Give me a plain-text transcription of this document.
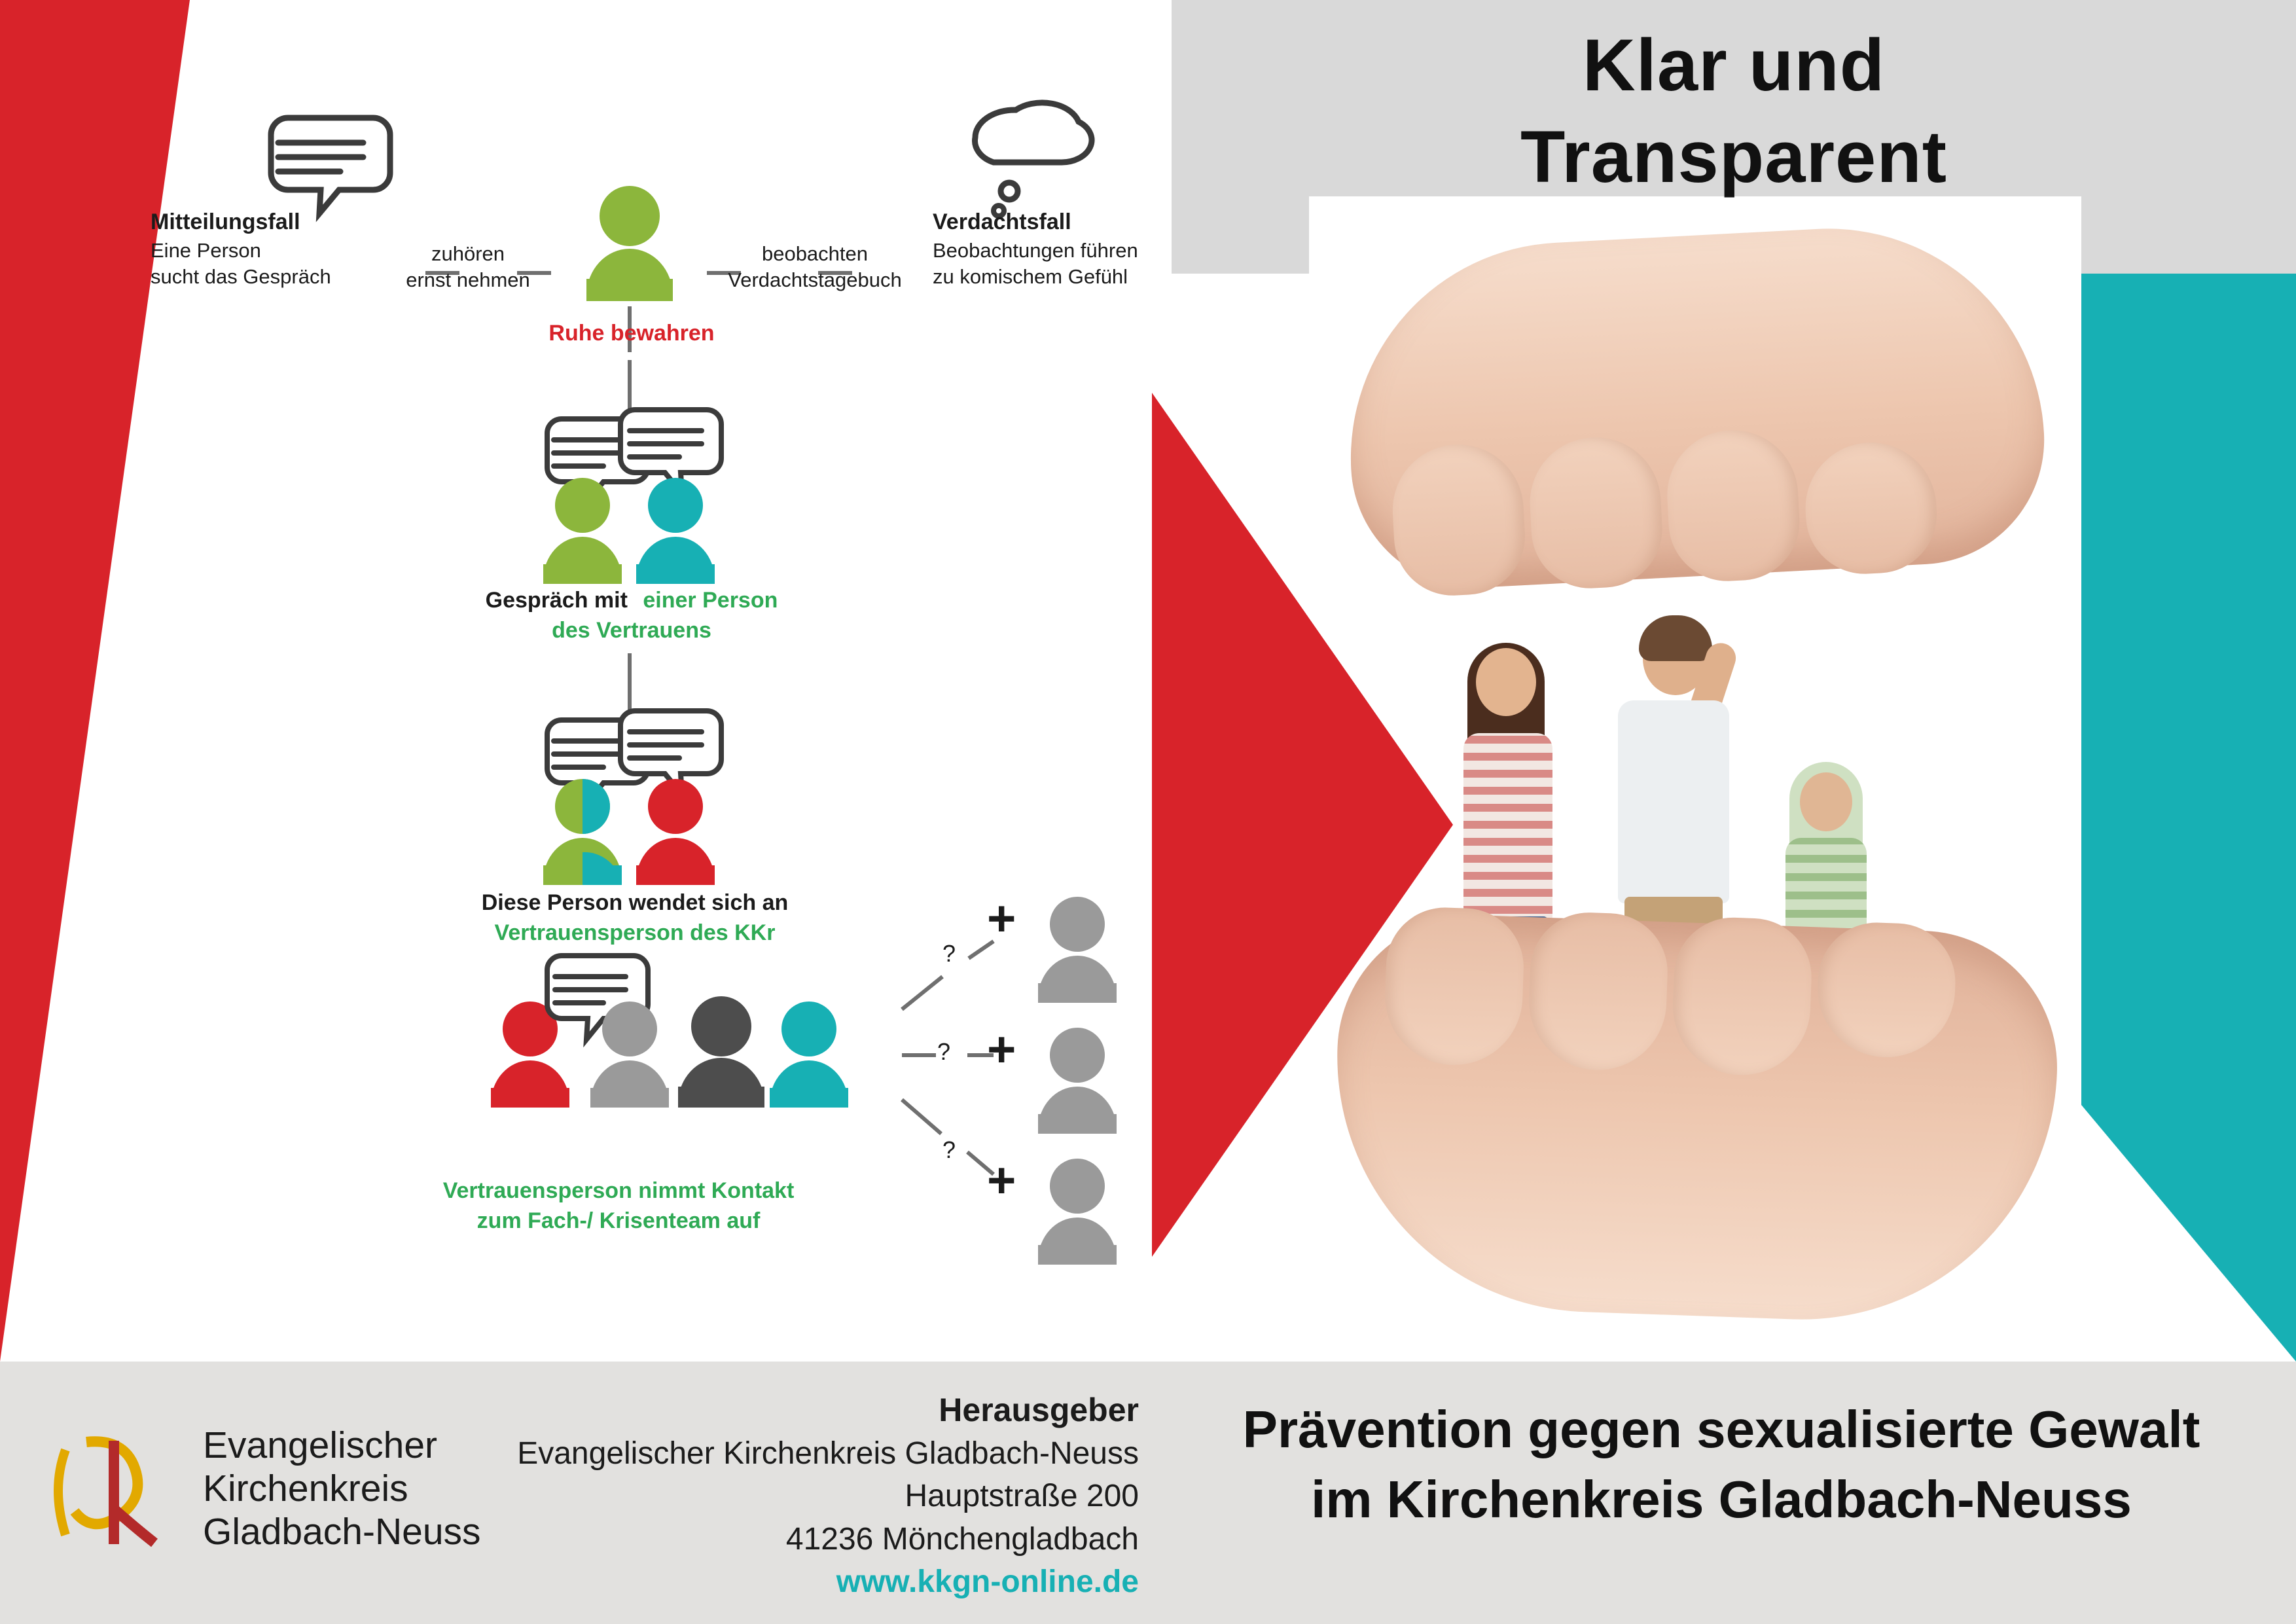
Klar und
Transparent
Mitteilungsfall
Eine Person
sucht das Gespräch
zuhören
ernst nehmen
beobachten
Verdachtstagebuch
Verdachtsfall
Beobachtungen führen
zu komischem Gefühl
Ruhe bewahren
Gespräch mit einer Person
des Vertrauens
Diese Person wendet sich an
Vertrauensperson des KKr
Vertrauensperson nimmt Kontakt
zum Fach-/ Krisenteam auf
?
?
?
+
+
+
Evangelischer
Kirchenkreis
Gladbach-Neuss
Herausgeber
Evangelischer Kirchenkreis Gladbach-Neuss
Hauptstraße 200
41236 Mönchengladbach
www.kkgn-online.de
Prävention gegen sexualisierte Gewalt
im Kirchenkreis Gladbach-Neuss
